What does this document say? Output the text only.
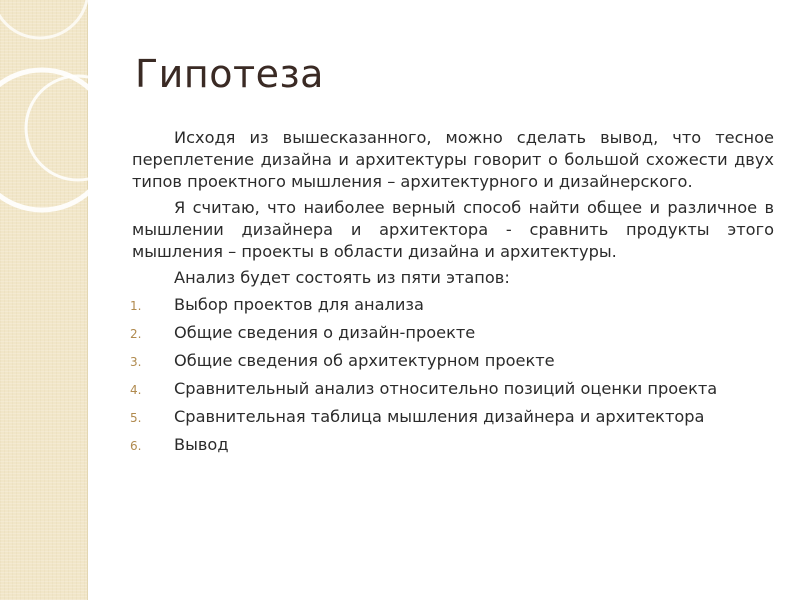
Гипотеза

Исходя из вышесказанного, можно сделать вывод, что тесное переплетение дизайна и архитектуры говорит о большой схожести двух типов проектного мышления – архитектурного и дизайнерского.

Я считаю, что наиболее верный способ найти общее и различное в мышлении дизайнера и архитектора - сравнить продукты этого мышления – проекты в области дизайна и архитектуры.

Анализ будет состоять из пяти этапов:

1. Выбор проектов для анализа
2. Общие сведения о дизайн-проекте
3. Общие сведения об архитектурном проекте
4. Сравнительный анализ относительно позиций оценки проекта
5. Сравнительная таблица мышления дизайнера и архитектора
6. Вывод
